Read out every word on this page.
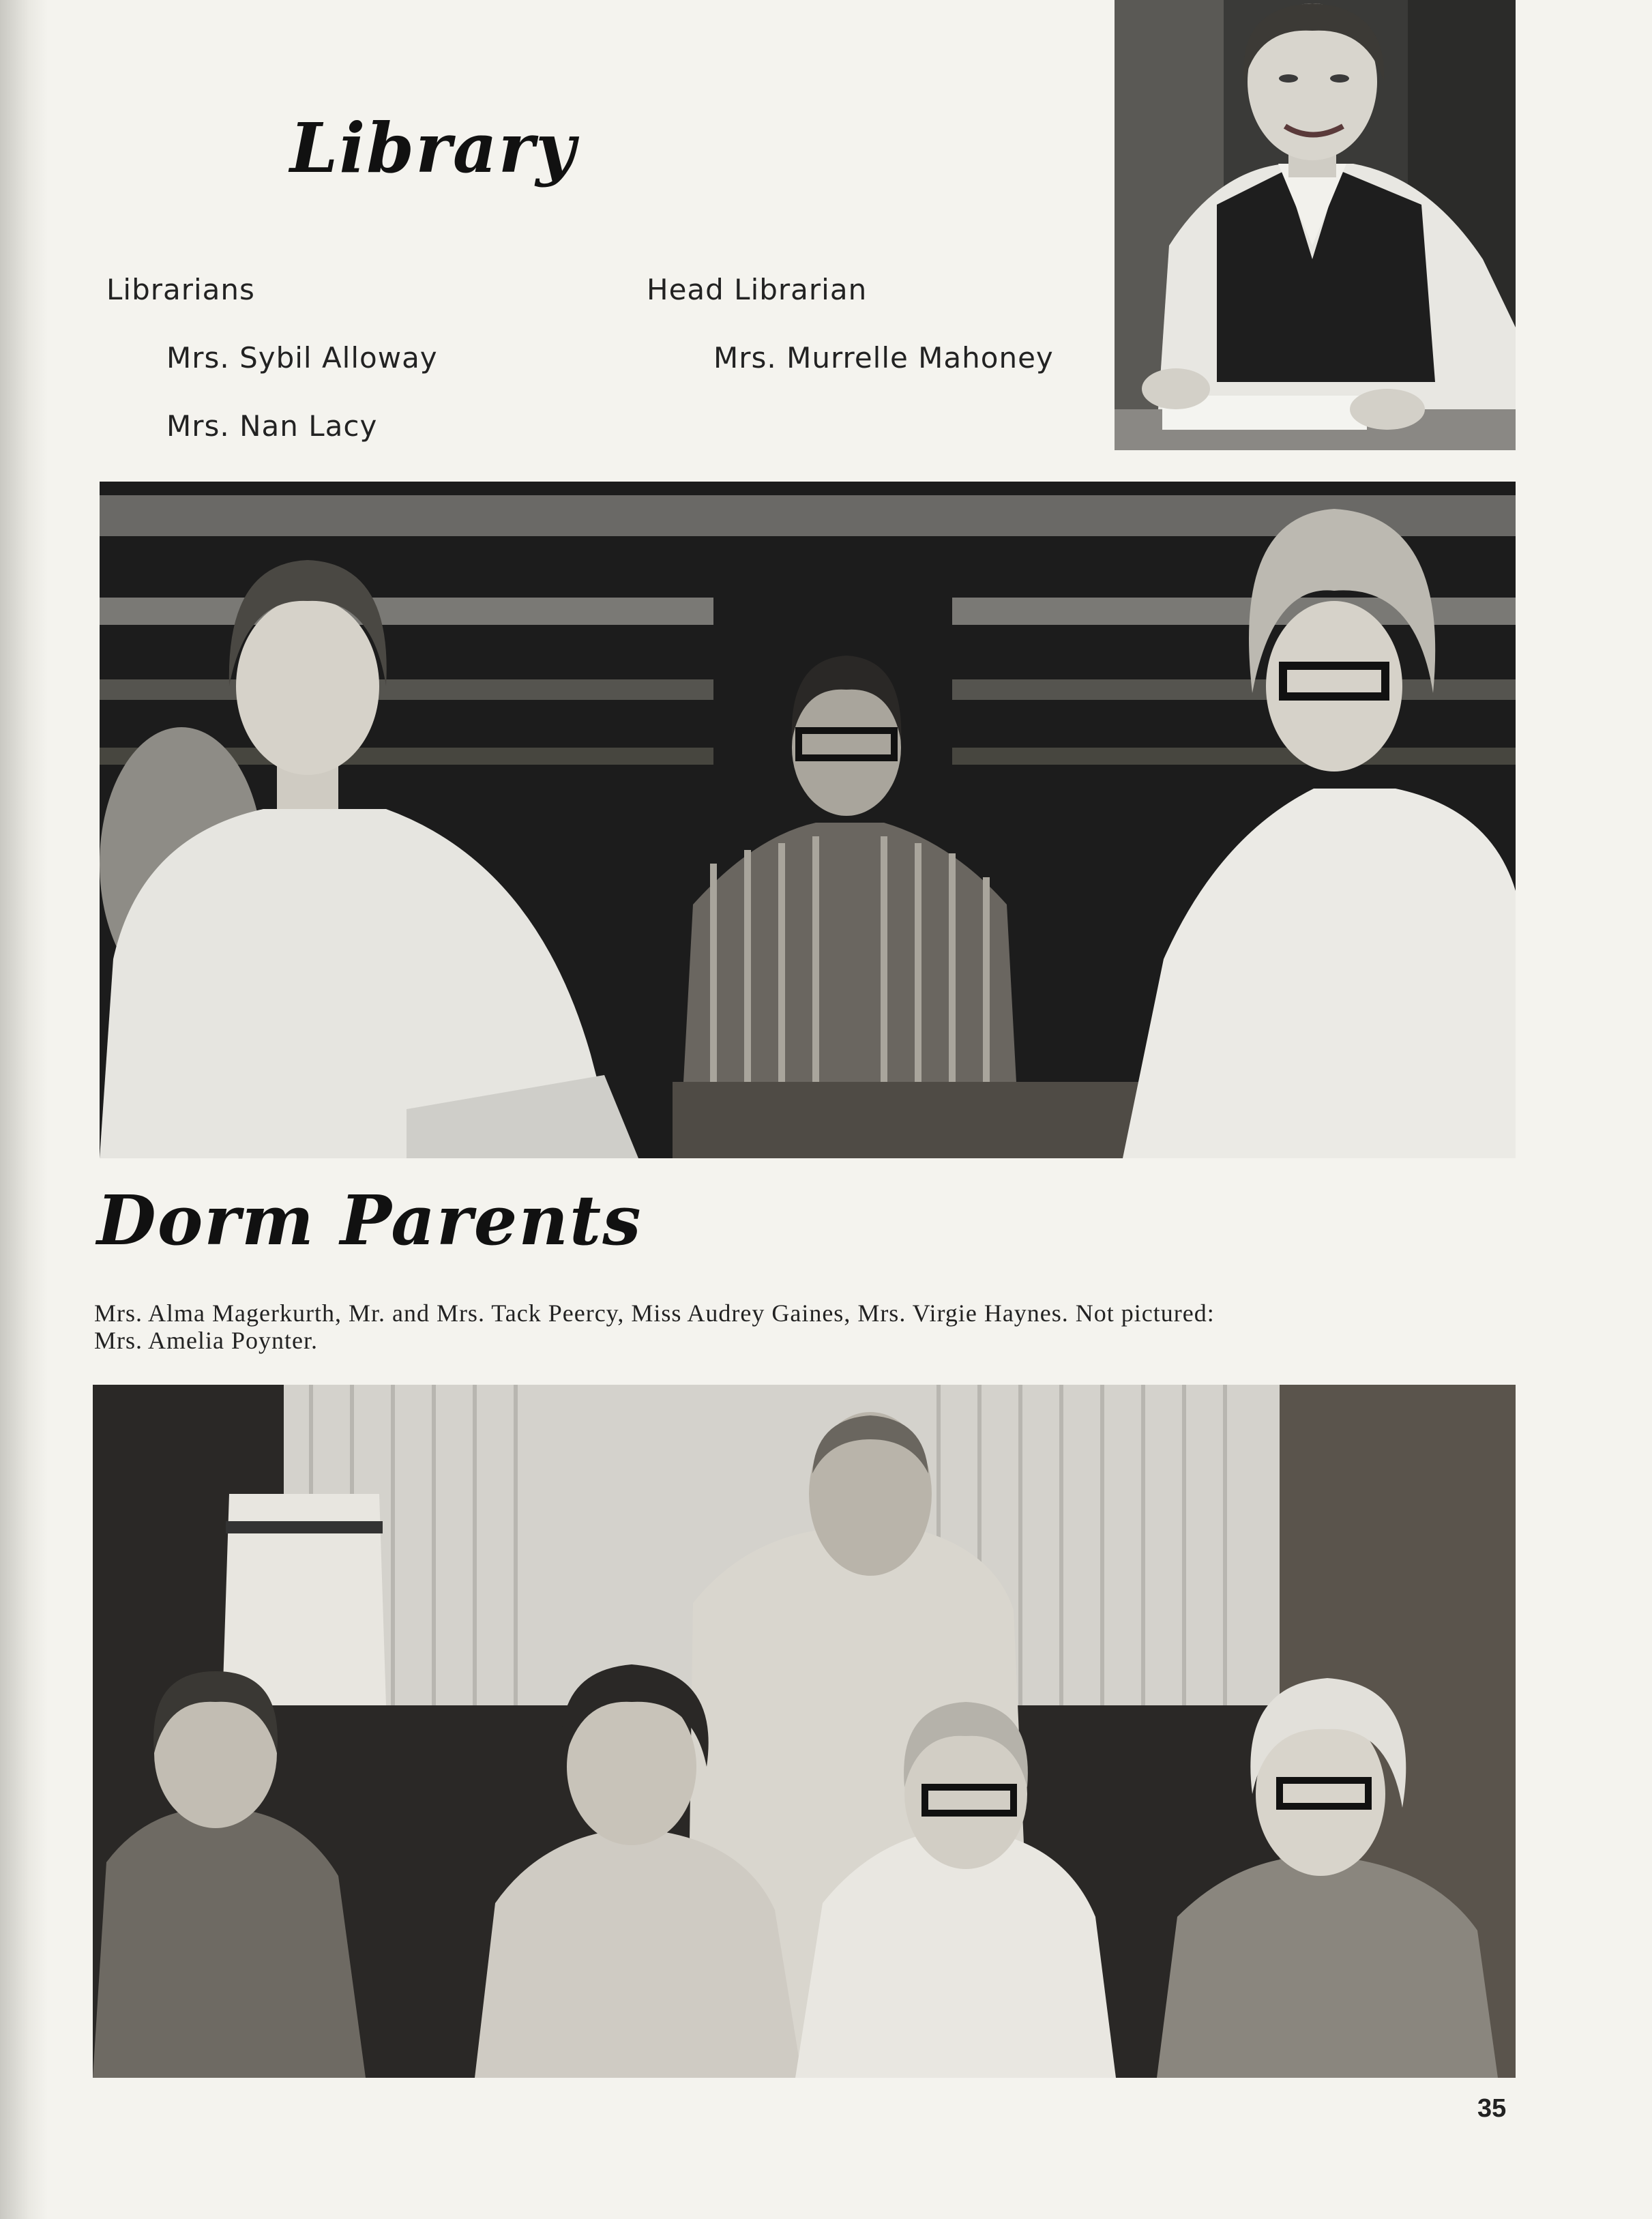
Library
Librarians
Mrs. Sybil Alloway
Mrs. Nan Lacy
Head Librarian
Mrs. Murrelle Mahoney
Dorm Parents
Mrs. Alma Magerkurth, Mr. and Mrs. Tack Peercy, Miss Audrey Gaines, Mrs. Virgie Haynes. Not pictured:
Mrs. Amelia Poynter.
35
